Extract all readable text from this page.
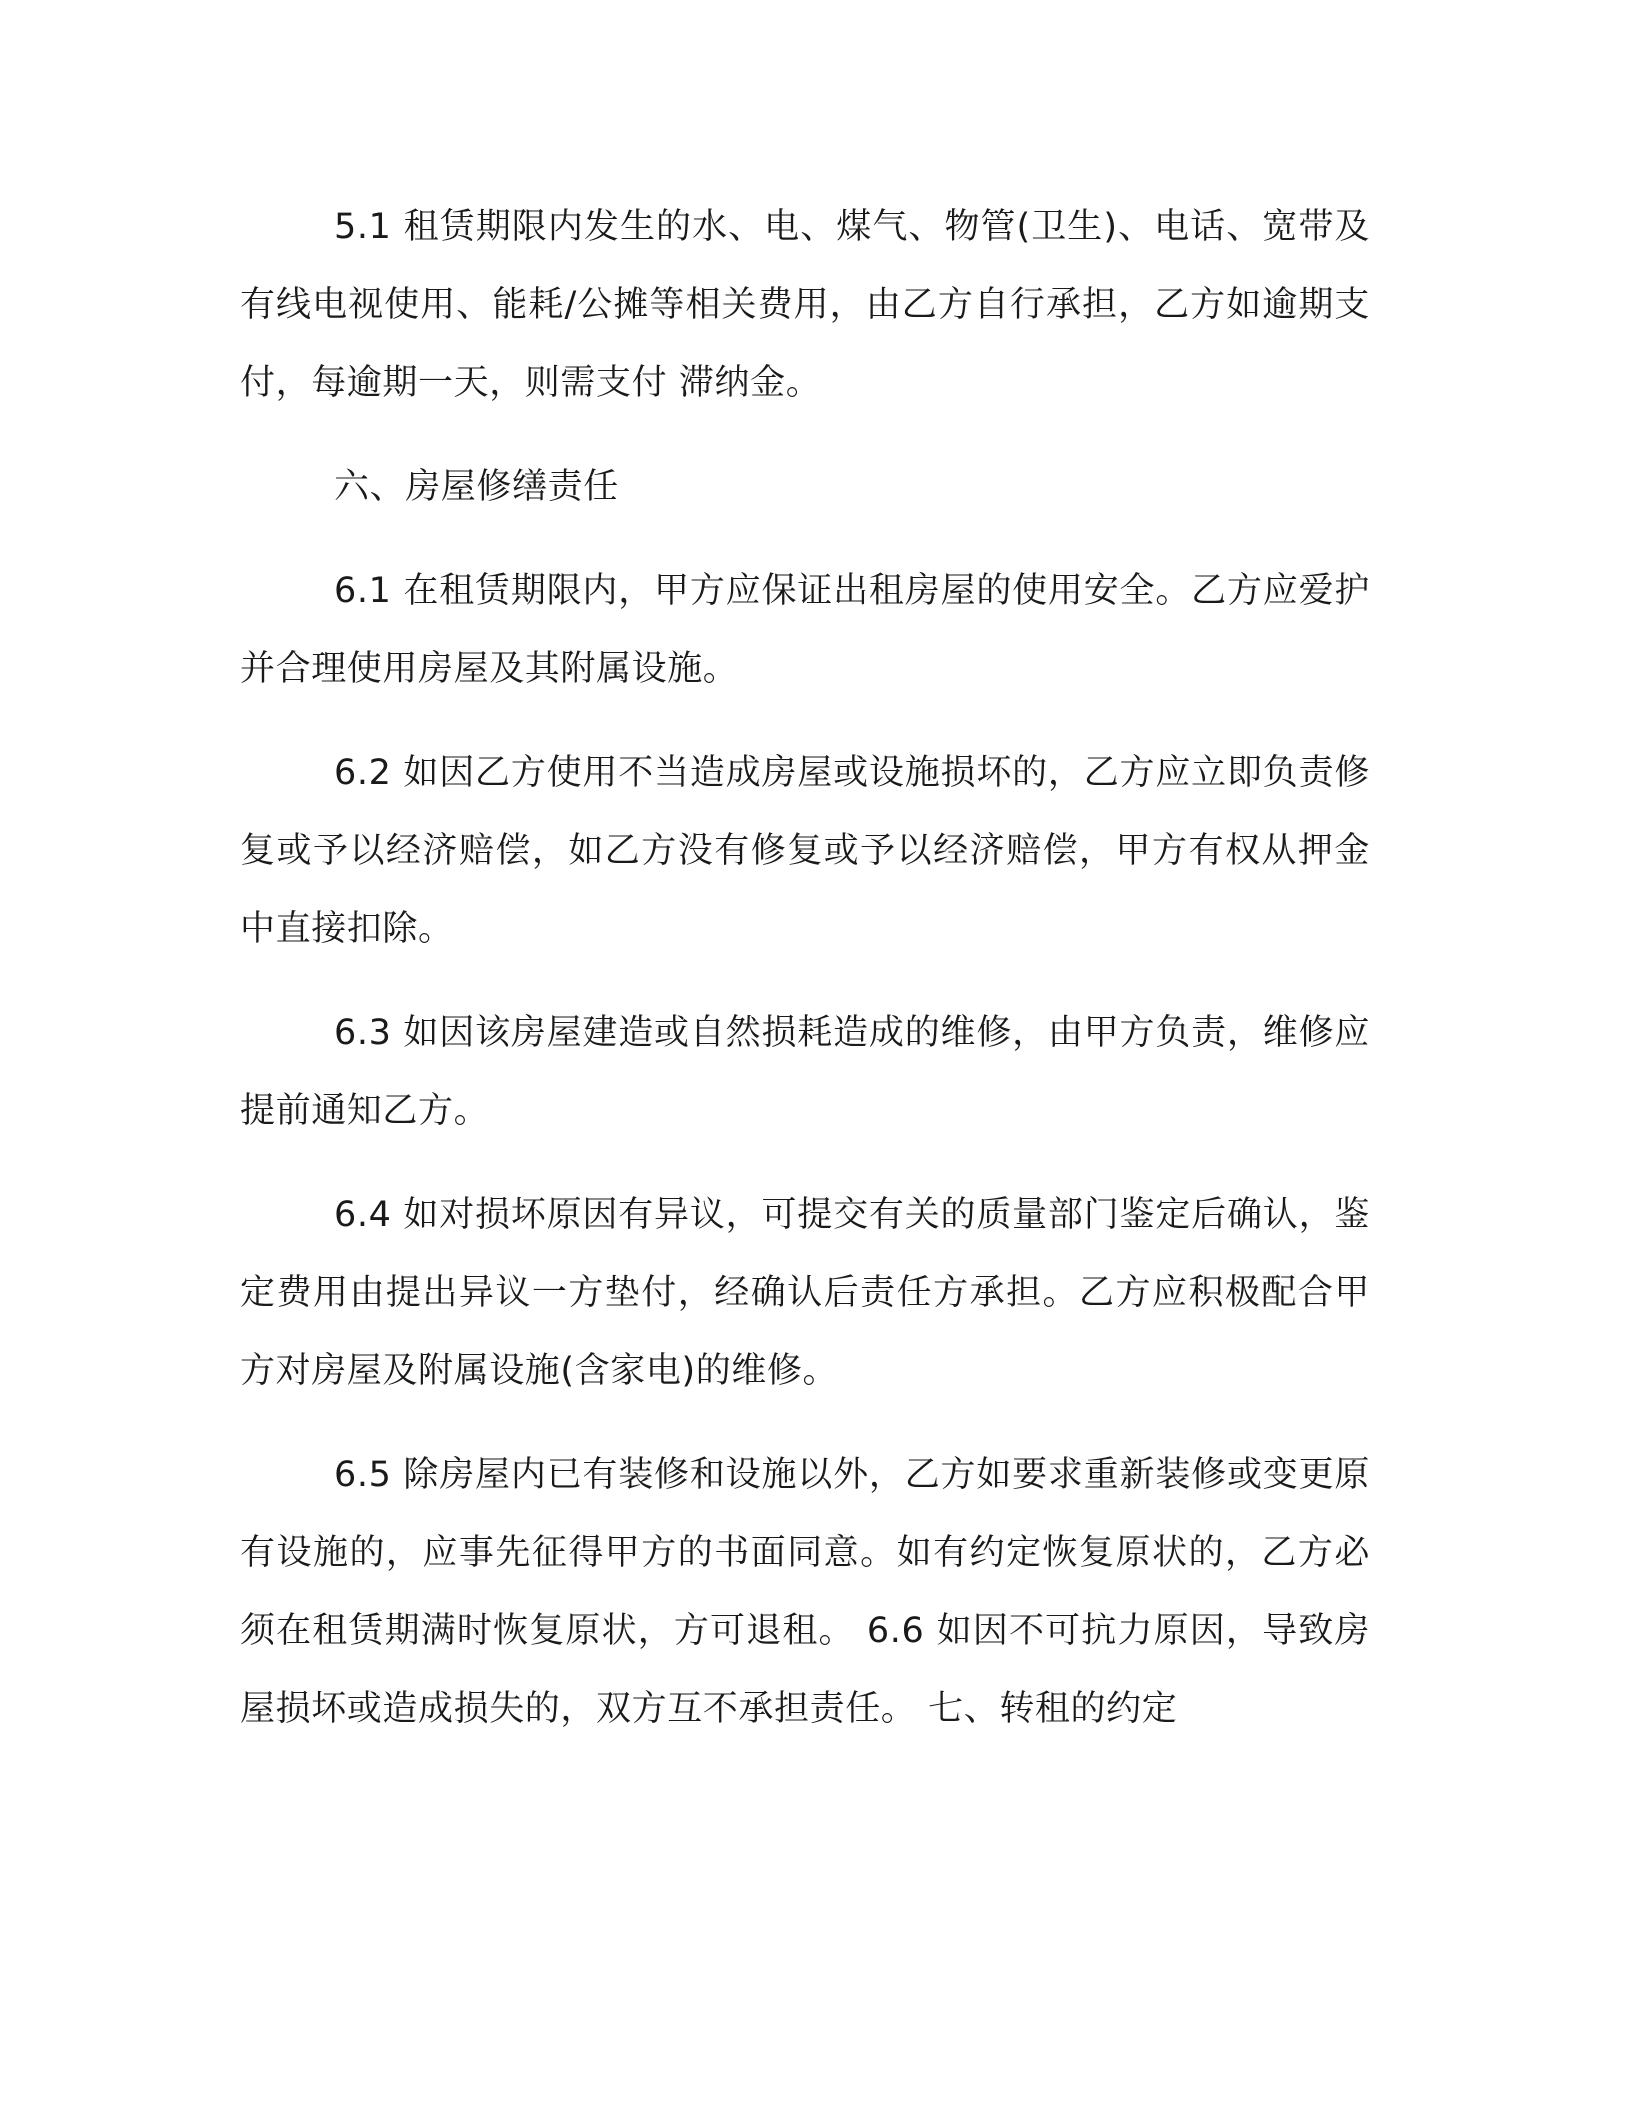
5.1 租赁期限内发生的水、电、煤气、物管(卫生)、电话、宽带及有线电视使用、能耗/公摊等相关费用，由乙方自行承担，乙方如逾期支付，每逾期一天，则需支付 滞纳金。

六、房屋修缮责任

6.1 在租赁期限内，甲方应保证出租房屋的使用安全。乙方应爱护并合理使用房屋及其附属设施。

6.2 如因乙方使用不当造成房屋或设施损坏的，乙方应立即负责修复或予以经济赔偿，如乙方没有修复或予以经济赔偿，甲方有权从押金中直接扣除。

6.3 如因该房屋建造或自然损耗造成的维修，由甲方负责，维修应提前通知乙方。

6.4 如对损坏原因有异议，可提交有关的质量部门鉴定后确认，鉴定费用由提出异议一方垫付，经确认后责任方承担。乙方应积极配合甲方对房屋及附属设施(含家电)的维修。

6.5 除房屋内已有装修和设施以外，乙方如要求重新装修或变更原有设施的，应事先征得甲方的书面同意。如有约定恢复原状的，乙方必须在租赁期满时恢复原状，方可退租。 6.6 如因不可抗力原因，导致房屋损坏或造成损失的，双方互不承担责任。 七、转租的约定
